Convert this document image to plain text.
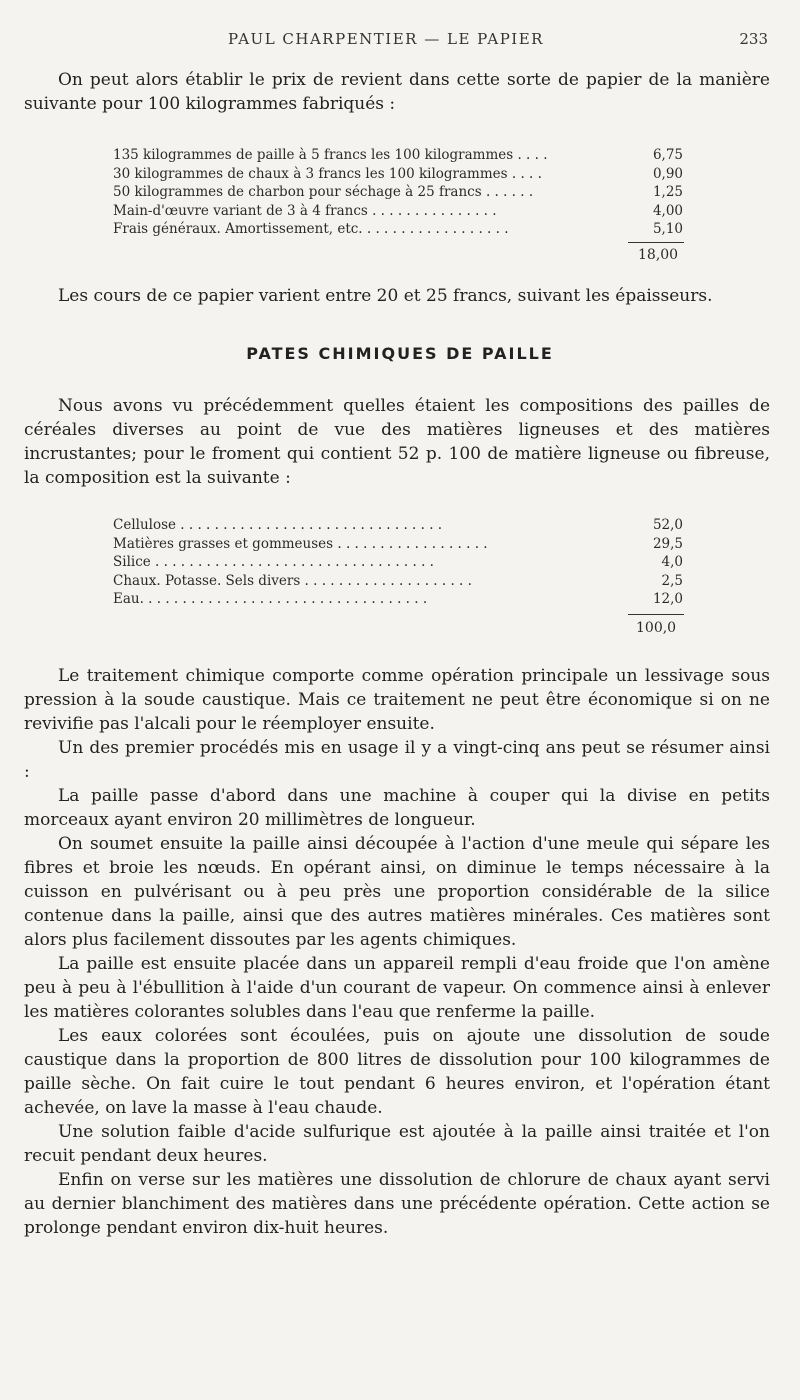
PAUL CHARPENTIER — LE PAPIER	233

On peut alors établir le prix de revient dans cette sorte de papier de la manière suivante pour 100 kilogrammes fabriqués :

135 kilogrammes de paille à 5 francs les 100 kilogrammes . . . .	6,75
30 kilogrammes de chaux à 3 francs les 100 kilogrammes . . . .	0,90
50 kilogrammes de charbon pour séchage à 25 francs . . . . . .	1,25
Main-d'œuvre variant de 3 à 4 francs . . . . . . . . . . . . . . .	4,00
Frais généraux. Amortissement, etc. . . . . . . . . . . . . . . . . .	5,10
18,00

Les cours de ce papier varient entre 20 et 25 francs, suivant les épaisseurs.

PATES CHIMIQUES DE PAILLE

Nous avons vu précédemment quelles étaient les compositions des pailles de céréales diverses au point de vue des matières ligneuses et des matières incrustantes; pour le froment qui contient 52 p. 100 de matière ligneuse ou fibreuse, la composition est la suivante :

Cellulose . . . . . . . . . . . . . . . . . . . . . . . . . . . . . . .	52,0
Matières grasses et gommeuses . . . . . . . . . . . . . . . . . .	29,5
Silice . . . . . . . . . . . . . . . . . . . . . . . . . . . . . . . . .	4,0
Chaux. Potasse. Sels divers . . . . . . . . . . . . . . . . . . . .	2,5
Eau. . . . . . . . . . . . . . . . . . . . . . . . . . . . . . . . . .	12,0
100,0

Le traitement chimique comporte comme opération principale un lessivage sous pression à la soude caustique. Mais ce traitement ne peut être économique si on ne revivifie pas l'alcali pour le réemployer ensuite.

Un des premier procédés mis en usage il y a vingt-cinq ans peut se résumer ainsi :

La paille passe d'abord dans une machine à couper qui la divise en petits morceaux ayant environ 20 millimètres de longueur.

On soumet ensuite la paille ainsi découpée à l'action d'une meule qui sépare les fibres et broie les nœuds. En opérant ainsi, on diminue le temps nécessaire à la cuisson en pulvérisant ou à peu près une proportion considérable de la silice contenue dans la paille, ainsi que des autres matières minérales. Ces matières sont alors plus facilement dissoutes par les agents chimiques.

La paille est ensuite placée dans un appareil rempli d'eau froide que l'on amène peu à peu à l'ébullition à l'aide d'un courant de vapeur. On commence ainsi à enlever les matières colorantes solubles dans l'eau que renferme la paille.

Les eaux colorées sont écoulées, puis on ajoute une dissolution de soude caustique dans la proportion de 800 litres de dissolution pour 100 kilogrammes de paille sèche. On fait cuire le tout pendant 6 heures environ, et l'opération étant achevée, on lave la masse à l'eau chaude.

Une solution faible d'acide sulfurique est ajoutée à la paille ainsi traitée et l'on recuit pendant deux heures.

Enfin on verse sur les matières une dissolution de chlorure de chaux ayant servi au dernier blanchiment des matières dans une précédente opération. Cette action se prolonge pendant environ dix-huit heures.
